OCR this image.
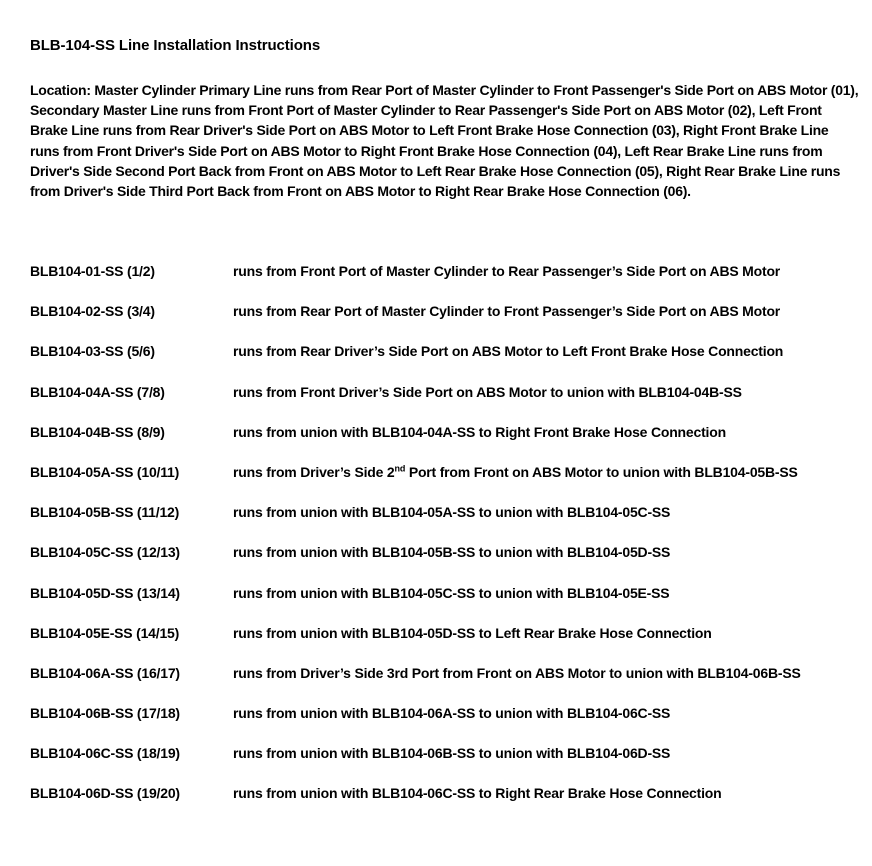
BLB-104-SS Line Installation Instructions
Location: Master Cylinder Primary Line runs from Rear Port of Master Cylinder to Front Passenger's Side Port on ABS Motor (01), Secondary Master Line runs from Front Port of Master Cylinder to Rear Passenger's Side Port on ABS Motor (02), Left Front Brake Line runs from Rear Driver's Side Port on ABS Motor to Left Front Brake Hose Connection (03), Right Front Brake Line runs from Front Driver's Side Port on ABS Motor to Right Front Brake Hose Connection (04), Left Rear Brake Line runs from Driver's Side Second Port Back from Front on ABS Motor to Left Rear Brake Hose Connection (05), Right Rear Brake Line runs from Driver's Side Third Port Back from Front on ABS Motor to Right Rear Brake Hose Connection (06).
BLB104-01-SS (1/2)	runs from Front Port of Master Cylinder to Rear Passenger’s Side Port on ABS Motor
BLB104-02-SS (3/4)	runs from Rear Port of Master Cylinder to Front Passenger’s Side Port on ABS Motor
BLB104-03-SS (5/6)	runs from Rear Driver’s Side Port on ABS Motor to Left Front Brake Hose Connection
BLB104-04A-SS (7/8)	runs from Front Driver’s Side Port on ABS Motor to union with BLB104-04B-SS
BLB104-04B-SS (8/9)	runs from union with BLB104-04A-SS to Right Front Brake Hose Connection
BLB104-05A-SS (10/11)	runs from Driver’s Side 2nd Port from Front on ABS Motor to union with BLB104-05B-SS
BLB104-05B-SS (11/12)	runs from union with BLB104-05A-SS to union with BLB104-05C-SS
BLB104-05C-SS (12/13)	runs from union with BLB104-05B-SS to union with BLB104-05D-SS
BLB104-05D-SS (13/14)	runs from union with BLB104-05C-SS to union with BLB104-05E-SS
BLB104-05E-SS (14/15)	runs from union with BLB104-05D-SS to Left Rear Brake Hose Connection
BLB104-06A-SS (16/17)	runs from Driver’s Side 3rd Port from Front on ABS Motor to union with BLB104-06B-SS
BLB104-06B-SS (17/18)	runs from union with BLB104-06A-SS to union with BLB104-06C-SS
BLB104-06C-SS (18/19)	runs from union with BLB104-06B-SS to union with BLB104-06D-SS
BLB104-06D-SS (19/20)	runs from union with BLB104-06C-SS to Right Rear Brake Hose Connection
